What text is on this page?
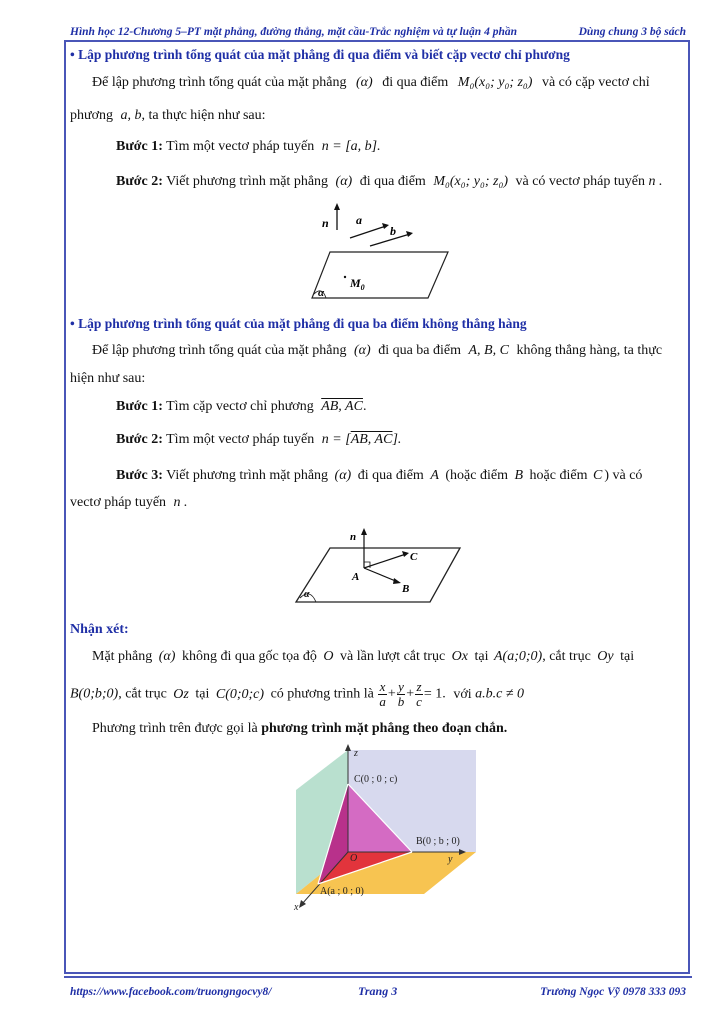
Hình học 12-Chương 5–PT mặt phẳng, đường thẳng, mặt cầu-Trắc nghiệm và tự luận 4 phần	Dùng chung 3 bộ sách
• Lập phương trình tổng quát của mặt phẳng đi qua điểm và biết cặp vectơ chỉ phương
Để lập phương trình tổng quát của mặt phẳng (α) đi qua điểm M₀(x₀; y₀; z₀) và có cặp vectơ chỉ
phương a, b, ta thực hiện như sau:
Bước 1: Tìm một vectơ pháp tuyến n = [a, b].
Bước 2: Viết phương trình mặt phẳng (α) đi qua điểm M₀(x₀; y₀; z₀) và có vectơ pháp tuyến n .
n a
b
$M_0$
α
• Lập phương trình tổng quát của mặt phẳng đi qua ba điểm không thẳng hàng
Để lập phương trình tổng quát của mặt phẳng (α) đi qua ba điểm A, B, C không thẳng hàng, ta thực
hiện như sau:
Bước 1: Tìm cặp vectơ chỉ phương AB, AC.
Bước 2: Tìm một vectơ pháp tuyến n = [AB, AC].
Bước 3: Viết phương trình mặt phẳng (α) đi qua điểm A (hoặc điểm B hoặc điểm C ) và có
vectơ pháp tuyến n .
α
n
C
B
A
Nhận xét:
Mặt phẳng (α) không đi qua gốc tọa độ O và lần lượt cắt trục Ox tại A(a;0;0), cắt trục Oy tại
B(0;b;0), cắt trục Oz tại C(0;0;c) có phương trình là $\frac{x}{a} + \frac{y}{b} + \frac{z}{c} = 1$. với a.b.c ≠ 0
Phương trình trên được gọi là phương trình mặt phẳng theo đoạn chắn.
z
y
x
O
C(0 ; 0 ; c)
B(0 ; b ; 0)
A(a ; 0 ; 0)
https://www.facebook.com/truongngocvy8/	Trang 3	Trương Ngọc Vỹ 0978 333 093
